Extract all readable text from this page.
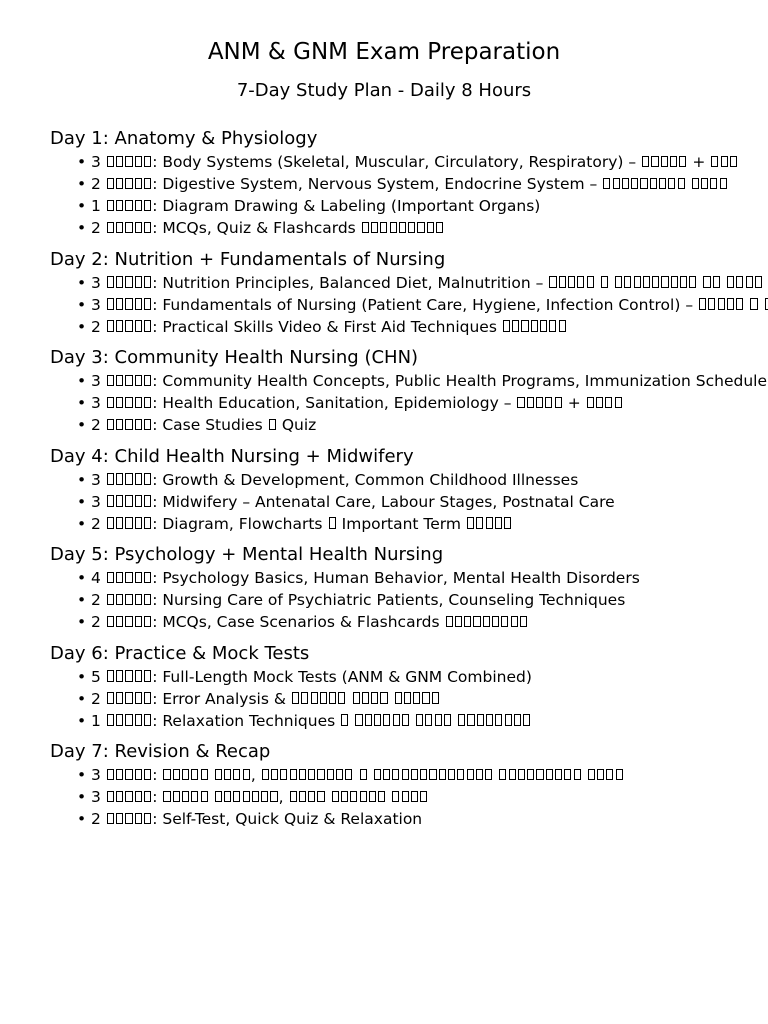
ANM & GNM Exam Preparation
7-Day Study Plan - Daily 8 Hours
Day 1: Anatomy & Physiology
• 3	: Body Systems (Skeletal, Muscular, Circulatory, Respiratory) –	+
• 2	: Digestive System, Nervous System, Endocrine System –
• 1	: Diagram Drawing & Labeling (Important Organs)
• 2	: MCQs, Quiz & Flashcards
Day 2: Nutrition + Fundamentals of Nursing
• 3	: Nutrition Principles, Balanced Diet, Malnutrition –
• 3	: Fundamentals of Nursing (Patient Care, Hygiene, Infection Control) –
• 2	: Practical Skills Video & First Aid Techniques
Day 3: Community Health Nursing (CHN)
• 3	: Community Health Concepts, Public Health Programs, Immunization Schedule
• 3	: Health Education, Sanitation, Epidemiology –	+
• 2	: Case Studies  Quiz
Day 4: Child Health Nursing + Midwifery
• 3	: Growth & Development, Common Childhood Illnesses
• 3	: Midwifery – Antenatal Care, Labour Stages, Postnatal Care
• 2	: Diagram, Flowcharts  Important Term
Day 5: Psychology + Mental Health Nursing
• 4	: Psychology Basics, Human Behavior, Mental Health Disorders
• 2	: Nursing Care of Psychiatric Patients, Counseling Techniques
• 2	: MCQs, Case Scenarios & Flashcards
Day 6: Practice & Mock Tests
• 5	: Full-Length Mock Tests (ANM & GNM Combined)
• 2	: Error Analysis &
• 1	: Relaxation Techniques
Day 7: Revision & Recap
• 3	:	,
• 3	:	,
• 2	: Self-Test, Quick Quiz & Relaxation
